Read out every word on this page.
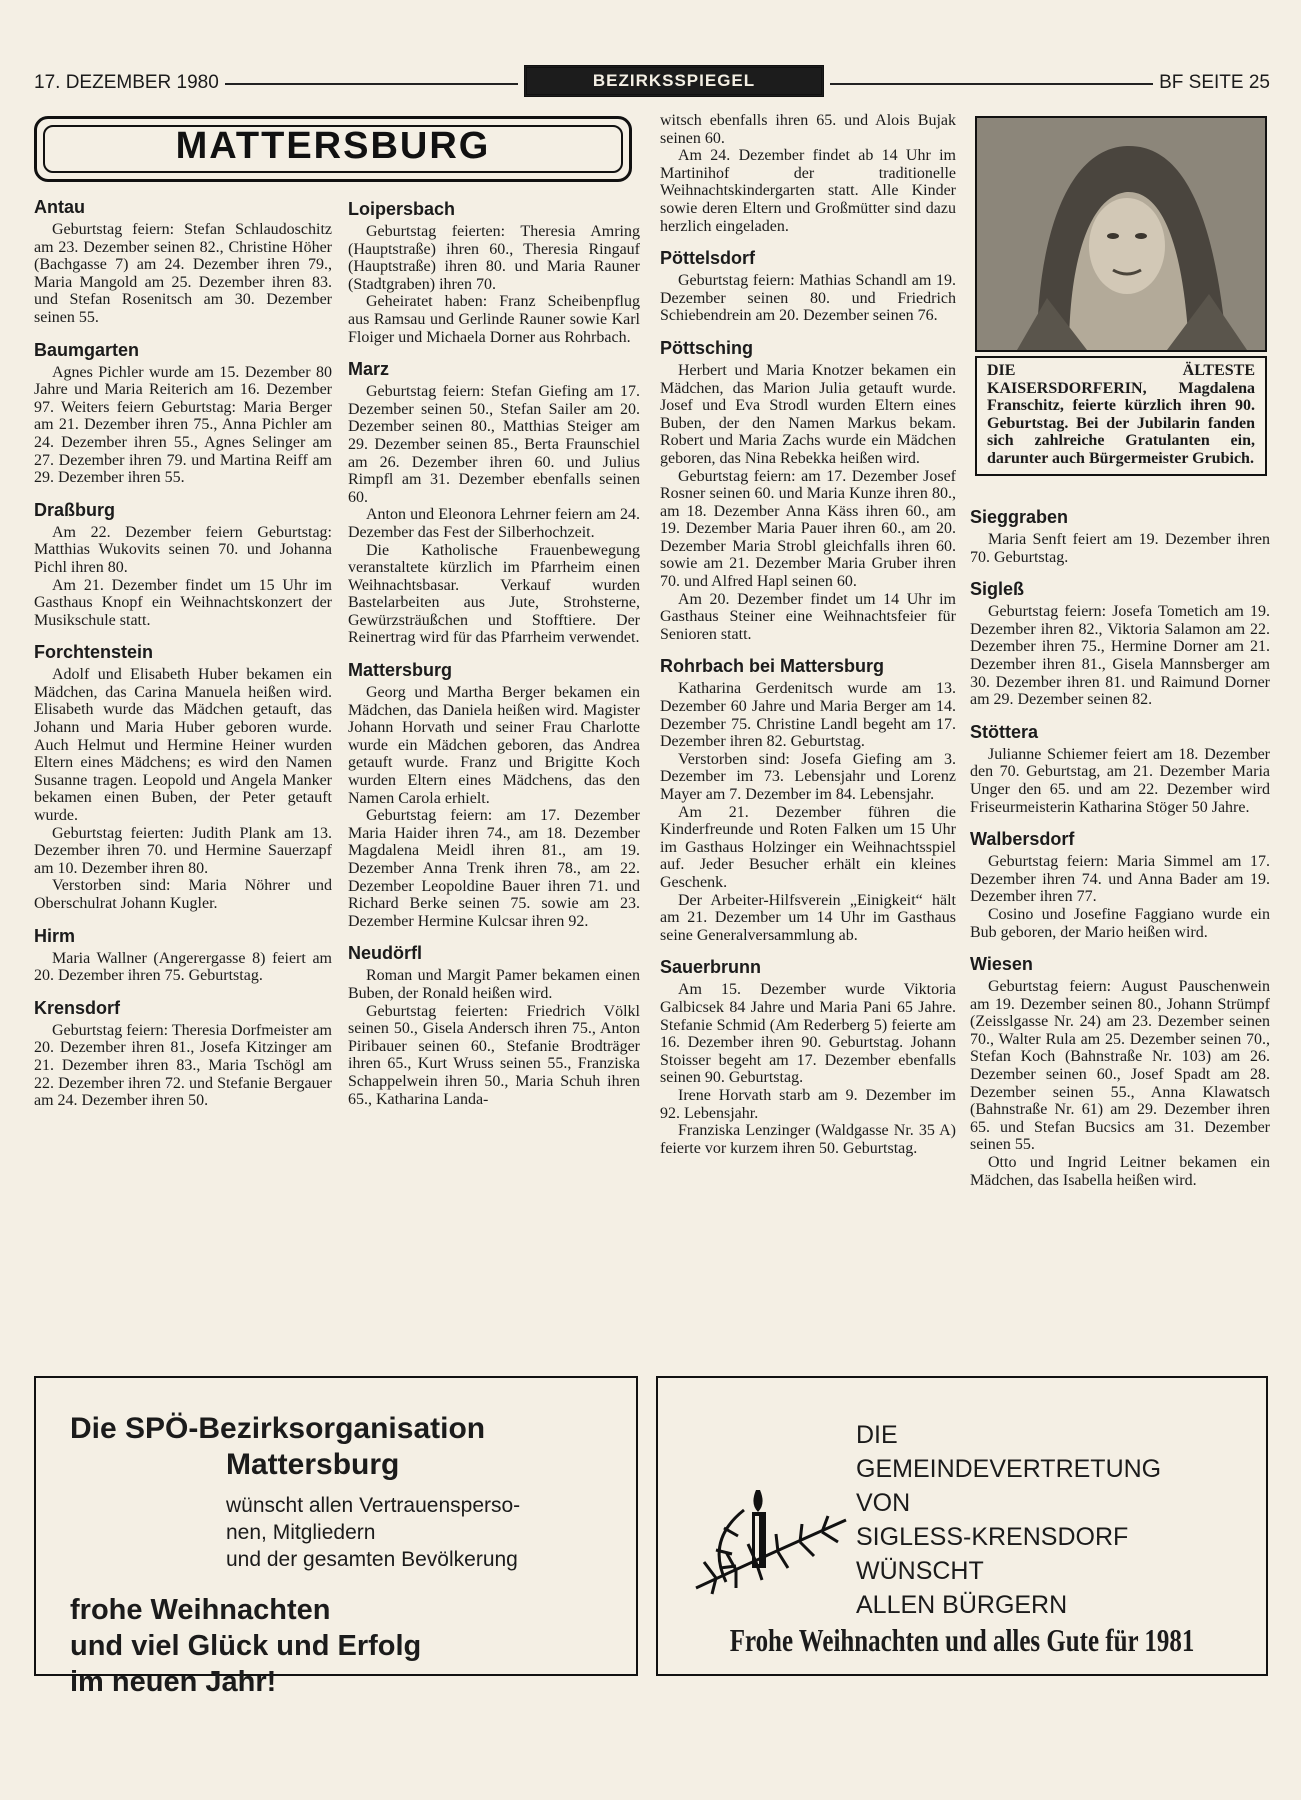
17. DEZEMBER 1980	BEZIRKSSPIEGEL	BF SEITE 25
MATTERSBURG
Antau

Geburtstag feiern: Stefan Schlaudoschitz am 23. Dezember seinen 82., Christine Höher (Bachgasse 7) am 24. Dezember ihren 79., Maria Mangold am 25. Dezember ihren 83. und Stefan Rosenitsch am 30. Dezember seinen 55.

Baumgarten

Agnes Pichler wurde am 15. Dezember 80 Jahre und Maria Reiterich am 16. Dezember 97. Weiters feiern Geburtstag: Maria Berger am 21. Dezember ihren 75., Anna Pichler am 24. Dezember ihren 55., Agnes Selinger am 27. Dezember ihren 79. und Martina Reiff am 29. Dezember ihren 55.

Draßburg

Am 22. Dezember feiern Geburtstag: Matthias Wukovits seinen 70. und Johanna Pichl ihren 80.

Am 21. Dezember findet um 15 Uhr im Gasthaus Knopf ein Weihnachtskonzert der Musikschule statt.

Forchtenstein

Adolf und Elisabeth Huber bekamen ein Mädchen, das Carina Manuela heißen wird. Elisabeth wurde das Mädchen getauft, das Johann und Maria Huber geboren wurde. Auch Helmut und Hermine Heiner wurden Eltern eines Mädchens; es wird den Namen Susanne tragen. Leopold und Angela Manker bekamen einen Buben, der Peter getauft wurde.

Geburtstag feierten: Judith Plank am 13. Dezember ihren 70. und Hermine Sauerzapf am 10. Dezember ihren 80.

Verstorben sind: Maria Nöhrer und Oberschulrat Johann Kugler.

Hirm

Maria Wallner (Angerergasse 8) feiert am 20. Dezember ihren 75. Geburtstag.

Krensdorf

Geburtstag feiern: Theresia Dorfmeister am 20. Dezember ihren 81., Josefa Kitzinger am 21. Dezember ihren 83., Maria Tschögl am 22. Dezember ihren 72. und Stefanie Bergauer am 24. Dezember ihren 50.

Loipersbach

Geburtstag feierten: Theresia Amring (Hauptstraße) ihren 60., Theresia Ringauf (Hauptstraße) ihren 80. und Maria Rauner (Stadtgraben) ihren 70.

Geheiratet haben: Franz Scheibenpflug aus Ramsau und Gerlinde Rauner sowie Karl Floiger und Michaela Dorner aus Rohrbach.

Marz

Geburtstag feiern: Stefan Giefing am 17. Dezember seinen 50., Stefan Sailer am 20. Dezember seinen 80., Matthias Steiger am 29. Dezember seinen 85., Berta Fraunschiel am 26. Dezember ihren 60. und Julius Rimpfl am 31. Dezember ebenfalls seinen 60.

Anton und Eleonora Lehrner feiern am 24. Dezember das Fest der Silberhochzeit.

Die Katholische Frauenbewegung veranstaltete kürzlich im Pfarrheim einen Weihnachtsbasar. Verkauf wurden Bastelarbeiten aus Jute, Strohsterne, Gewürzsträußchen und Stofftiere. Der Reinertrag wird für das Pfarrheim verwendet.

Mattersburg

Georg und Martha Berger bekamen ein Mädchen, das Daniela heißen wird. Magister Johann Horvath und seiner Frau Charlotte wurde ein Mädchen geboren, das Andrea getauft wurde. Franz und Brigitte Koch wurden Eltern eines Mädchens, das den Namen Carola erhielt.

Geburtstag feiern: am 17. Dezember Maria Haider ihren 74., am 18. Dezember Magdalena Meidl ihren 81., am 19. Dezember Anna Trenk ihren 78., am 22. Dezember Leopoldine Bauer ihren 71. und Richard Berke seinen 75. sowie am 23. Dezember Hermine Kulcsar ihren 92.

Neudörfl

Roman und Margit Pamer bekamen einen Buben, der Ronald heißen wird.

Geburtstag feierten: Friedrich Völkl seinen 50., Gisela Andersch ihren 75., Anton Piribauer seinen 60., Stefanie Brodträger ihren 65., Kurt Wruss seinen 55., Franziska Schappelwein ihren 50., Maria Schuh ihren 65., Katharina Landa-

witsch ebenfalls ihren 65. und Alois Bujak seinen 60.

Am 24. Dezember findet ab 14 Uhr im Martinihof der traditionelle Weihnachtskindergarten statt. Alle Kinder sowie deren Eltern und Großmütter sind dazu herzlich eingeladen.

Pöttelsdorf

Geburtstag feiern: Mathias Schandl am 19. Dezember seinen 80. und Friedrich Schiebendrein am 20. Dezember seinen 76.

Pöttsching

Herbert und Maria Knotzer bekamen ein Mädchen, das Marion Julia getauft wurde. Josef und Eva Strodl wurden Eltern eines Buben, der den Namen Markus bekam. Robert und Maria Zachs wurde ein Mädchen geboren, das Nina Rebekka heißen wird.

Geburtstag feiern: am 17. Dezember Josef Rosner seinen 60. und Maria Kunze ihren 80., am 18. Dezember Anna Käss ihren 60., am 19. Dezember Maria Pauer ihren 60., am 20. Dezember Maria Strobl gleichfalls ihren 60. sowie am 21. Dezember Maria Gruber ihren 70. und Alfred Hapl seinen 60.

Am 20. Dezember findet um 14 Uhr im Gasthaus Steiner eine Weihnachtsfeier für Senioren statt.

Rohrbach bei Mattersburg

Katharina Gerdenitsch wurde am 13. Dezember 60 Jahre und Maria Berger am 14. Dezember 75. Christine Landl begeht am 17. Dezember ihren 82. Geburtstag.

Verstorben sind: Josefa Giefing am 3. Dezember im 73. Lebensjahr und Lorenz Mayer am 7. Dezember im 84. Lebensjahr.

Am 21. Dezember führen die Kinderfreunde und Roten Falken um 15 Uhr im Gasthaus Holzinger ein Weihnachtsspiel auf. Jeder Besucher erhält ein kleines Geschenk.

Der Arbeiter-Hilfsverein „Einigkeit“ hält am 21. Dezember um 14 Uhr im Gasthaus seine Generalversammlung ab.

Sauerbrunn

Am 15. Dezember wurde Viktoria Galbicsek 84 Jahre und Maria Pani 65 Jahre. Stefanie Schmid (Am Rederberg 5) feierte am 16. Dezember ihren 90. Geburtstag. Johann Stoisser begeht am 17. Dezember ebenfalls seinen 90. Geburtstag.

Irene Horvath starb am 9. Dezember im 92. Lebensjahr.

Franziska Lenzinger (Waldgasse Nr. 35 A) feierte vor kurzem ihren 50. Geburtstag.

DIE ÄLTESTE KAISERSDORFERIN, Magdalena Franschitz, feierte kürzlich ihren 90. Geburtstag. Bei der Jubilarin fanden sich zahlreiche Gratulanten ein, darunter auch Bürgermeister Grubich.
Sieggraben

Maria Senft feiert am 19. Dezember ihren 70. Geburtstag.

Sigleß

Geburtstag feiern: Josefa Tometich am 19. Dezember ihren 82., Viktoria Salamon am 22. Dezember ihren 75., Hermine Dorner am 21. Dezember ihren 81., Gisela Mannsberger am 30. Dezember ihren 81. und Raimund Dorner am 29. Dezember seinen 82.

Stöttera

Julianne Schiemer feiert am 18. Dezember den 70. Geburtstag, am 21. Dezember Maria Unger den 65. und am 22. Dezember wird Friseurmeisterin Katharina Stöger 50 Jahre.

Walbersdorf

Geburtstag feiern: Maria Simmel am 17. Dezember ihren 74. und Anna Bader am 19. Dezember ihren 77.

Cosino und Josefine Faggiano wurde ein Bub geboren, der Mario heißen wird.

Wiesen

Geburtstag feiern: August Pauschenwein am 19. Dezember seinen 80., Johann Strümpf (Zeisslgasse Nr. 24) am 23. Dezember seinen 70., Walter Rula am 25. Dezember seinen 70., Stefan Koch (Bahnstraße Nr. 103) am 26. Dezember seinen 60., Josef Spadt am 28. Dezember seinen 55., Anna Klawatsch (Bahnstraße Nr. 61) am 29. Dezember ihren 65. und Stefan Bucsics am 31. Dezember seinen 55.

Otto und Ingrid Leitner bekamen ein Mädchen, das Isabella heißen wird.

Die SPÖ-Bezirksorganisation
Mattersburg
wünscht allen Vertrauensperso-
nen, Mitgliedern
und der gesamten Bevölkerung
frohe Weihnachten
und viel Glück und Erfolg
im neuen Jahr!
DIE
GEMEINDEVERTRETUNG
VON
SIGLESS-KRENSDORF
WÜNSCHT
ALLEN BÜRGERN
Frohe Weihnachten und alles Gute für 1981
